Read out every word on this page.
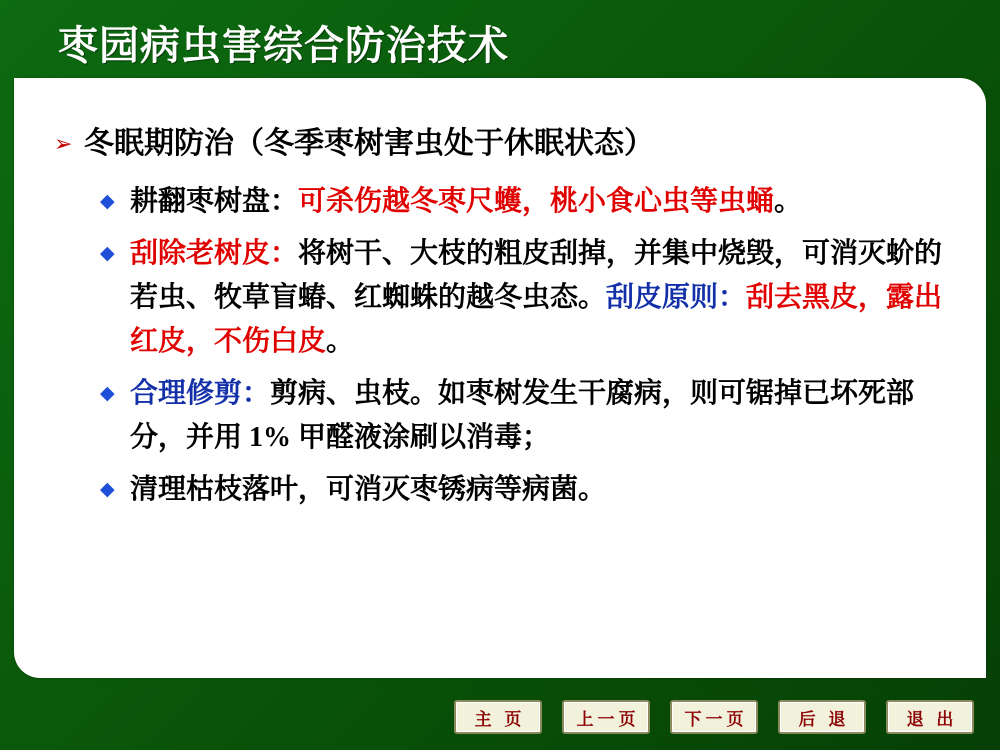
枣园病虫害综合防治技术
➢ 冬眠期防治（冬季枣树害虫处于休眠状态）
◆ 耕翻枣树盘：可杀伤越冬枣尺蠖，桃小食心虫等虫蛹。
◆ 刮除老树皮：将树干、大枝的粗皮刮掉，并集中烧毁，可消灭蚧的若虫、牧草盲蝽、红蜘蛛的越冬虫态。刮皮原则：刮去黑皮，露出红皮，不伤白皮。
◆ 合理修剪：剪病、虫枝。如枣树发生干腐病，则可锯掉已坏死部分，并用 1% 甲醛液涂刷以消毒；
◆ 清理枯枝落叶，可消灭枣锈病等病菌。
主 页	上一页	下一页	后 退	退 出
